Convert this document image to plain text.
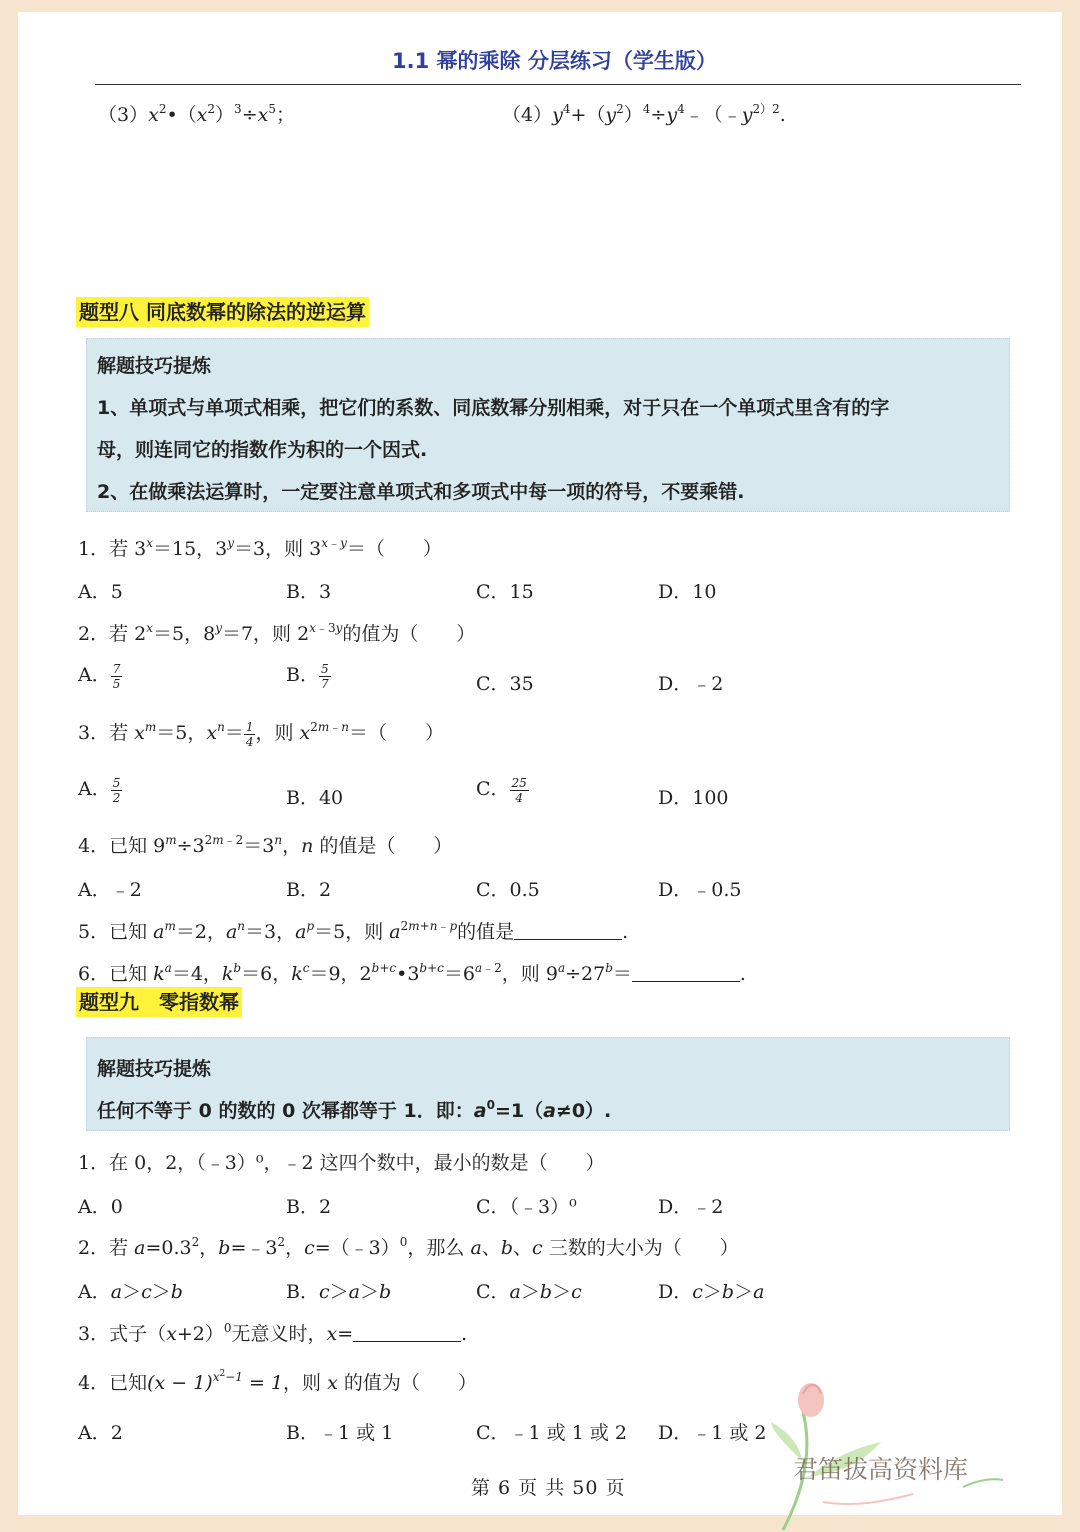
1.1 幂的乘除 分层练习（学生版）
$(3)x^2•(x^2)^3\div x^5$；	$(4)y^4+(y^2)^4\div y^4﹣(﹣y^{2)2}$.
题型八 同底数幂的除法的逆运算
解题技巧提炼
1、单项式与单项式相乘，把它们的系数、同底数幂分别相乘，对于只在一个单项式里含有的字
母，则连同它的指数作为积的一个因式.
2、在做乘法运算时，一定要注意单项式和多项式中每一项的符号，不要乘错.
1．若 $3^x=15$，$3^y=3$，则 $3^{x﹣y}=$（　　）
A．5	B．3	C．15	D．10
2．若 $2^x=5$，$8^y=7$，则 $2^{x﹣3y}$的值为（　　）
A． $\frac{7}{5}$	B． $\frac{5}{7}$	C．35	D．﹣2
3．若 $x^m=5$，$x^n= \frac{1}{4}$ ，则 $x^{2m﹣n}=$（　　）
A． $\frac{5}{2}$	B．40	C． $\frac{25}{4}$	D．100
4．已知 $9^m\div 3^{2m﹣2}=3^n$，n 的值是（　　）
A．﹣2	B．2	C．0.5	D．﹣0.5
5．已知 $a^m=2$，$a^n=3$，$a^p=5$，则 $a^{2m+n﹣p}$的值是	.
6．已知 $k^a=4$，$k^b=6$，$k^c=9$，$2^{b+c}•3^{b+c}=6^{a﹣2}$，则 $9^a\div 27^b=$	.
题型九　零指数幂
解题技巧提炼
任何不等于 0 的数的 0 次幂都等于 1．即：$a^0=1(a\ne 0)$.
1．在 0，2，（﹣3）⁰，﹣2 这四个数中，最小的数是（　　）
A．0	B．2	C．（﹣3）⁰	D．﹣2
2．若 $a=0.3^2$，$b=﹣3^2$，c=（﹣3）$^0$，那么 a、b、c 三数的大小为（　　）
A．a＞c＞b	B．c＞a＞b	C．a＞b＞c	D．c＞b＞a
3．式子$(x+2)^0$无意义时，x=	.
4．已知$(x - 1)^{x^2-1} = 1$，则 x 的值为（　　）
A．2	B．﹣1 或 1	C．﹣1 或 1 或 2 D．﹣1 或 2
第 6 页 共 50 页
君笛拔高资料库
